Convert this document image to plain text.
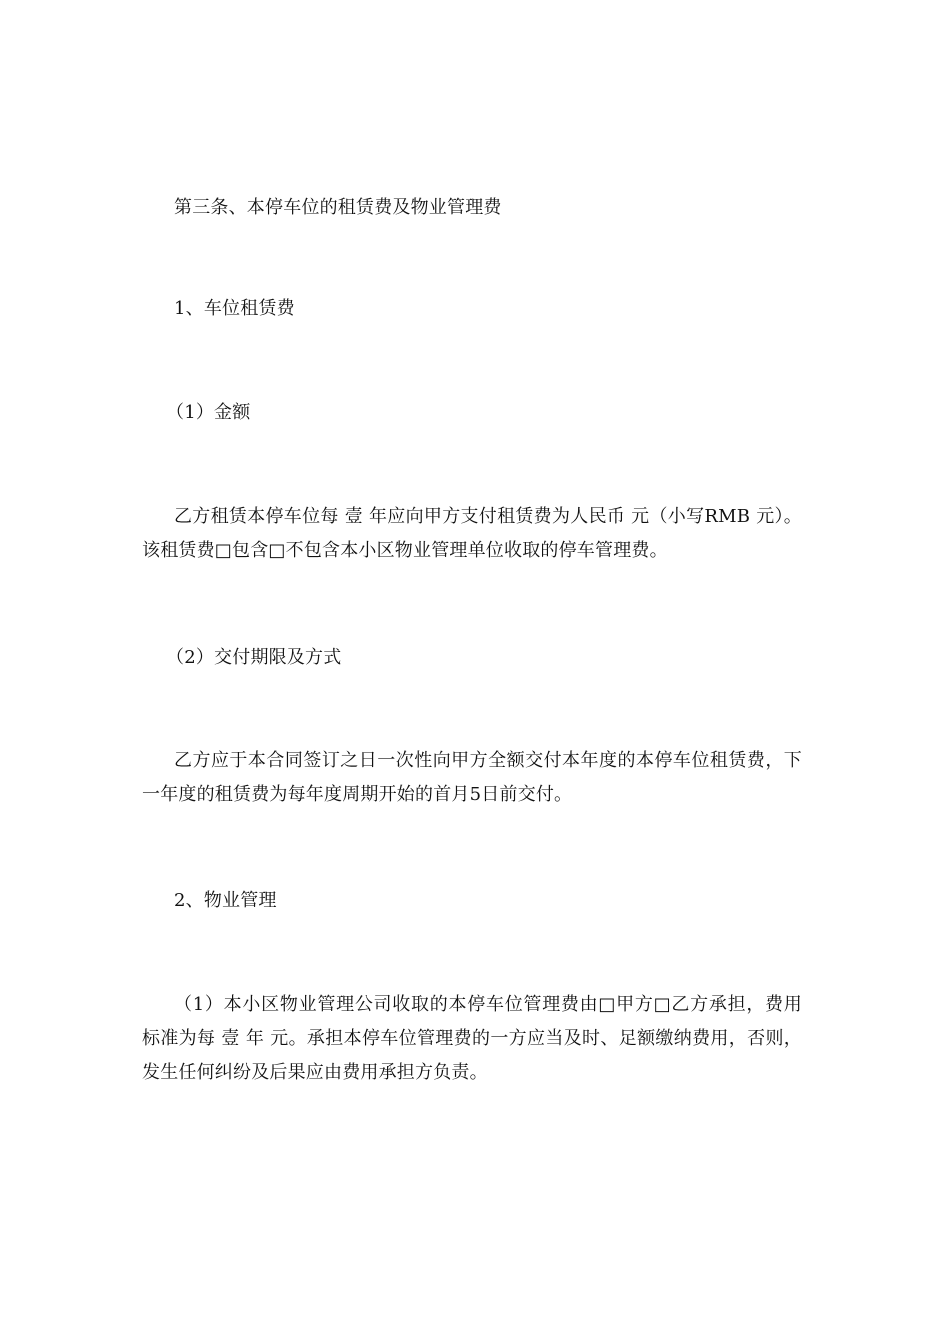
第三条、本停车位的租赁费及物业管理费
1、车位租赁费
（1）金额

乙方租赁本停车位每 壹 年应向甲方支付租赁费为人民币 元（小写RMB 元）。该租赁费□包含□不包含本小区物业管理单位收取的停车管理费。

（2）交付期限及方式

乙方应于本合同签订之日一次性向甲方全额交付本年度的本停车位租赁费，下一年度的租赁费为每年度周期开始的首月5日前交付。

2、物业管理

（1）本小区物业管理公司收取的本停车位管理费由□甲方□乙方承担，费用标准为每 壹 年 元。承担本停车位管理费的一方应当及时、足额缴纳费用，否则，发生任何纠纷及后果应由费用承担方负责。
